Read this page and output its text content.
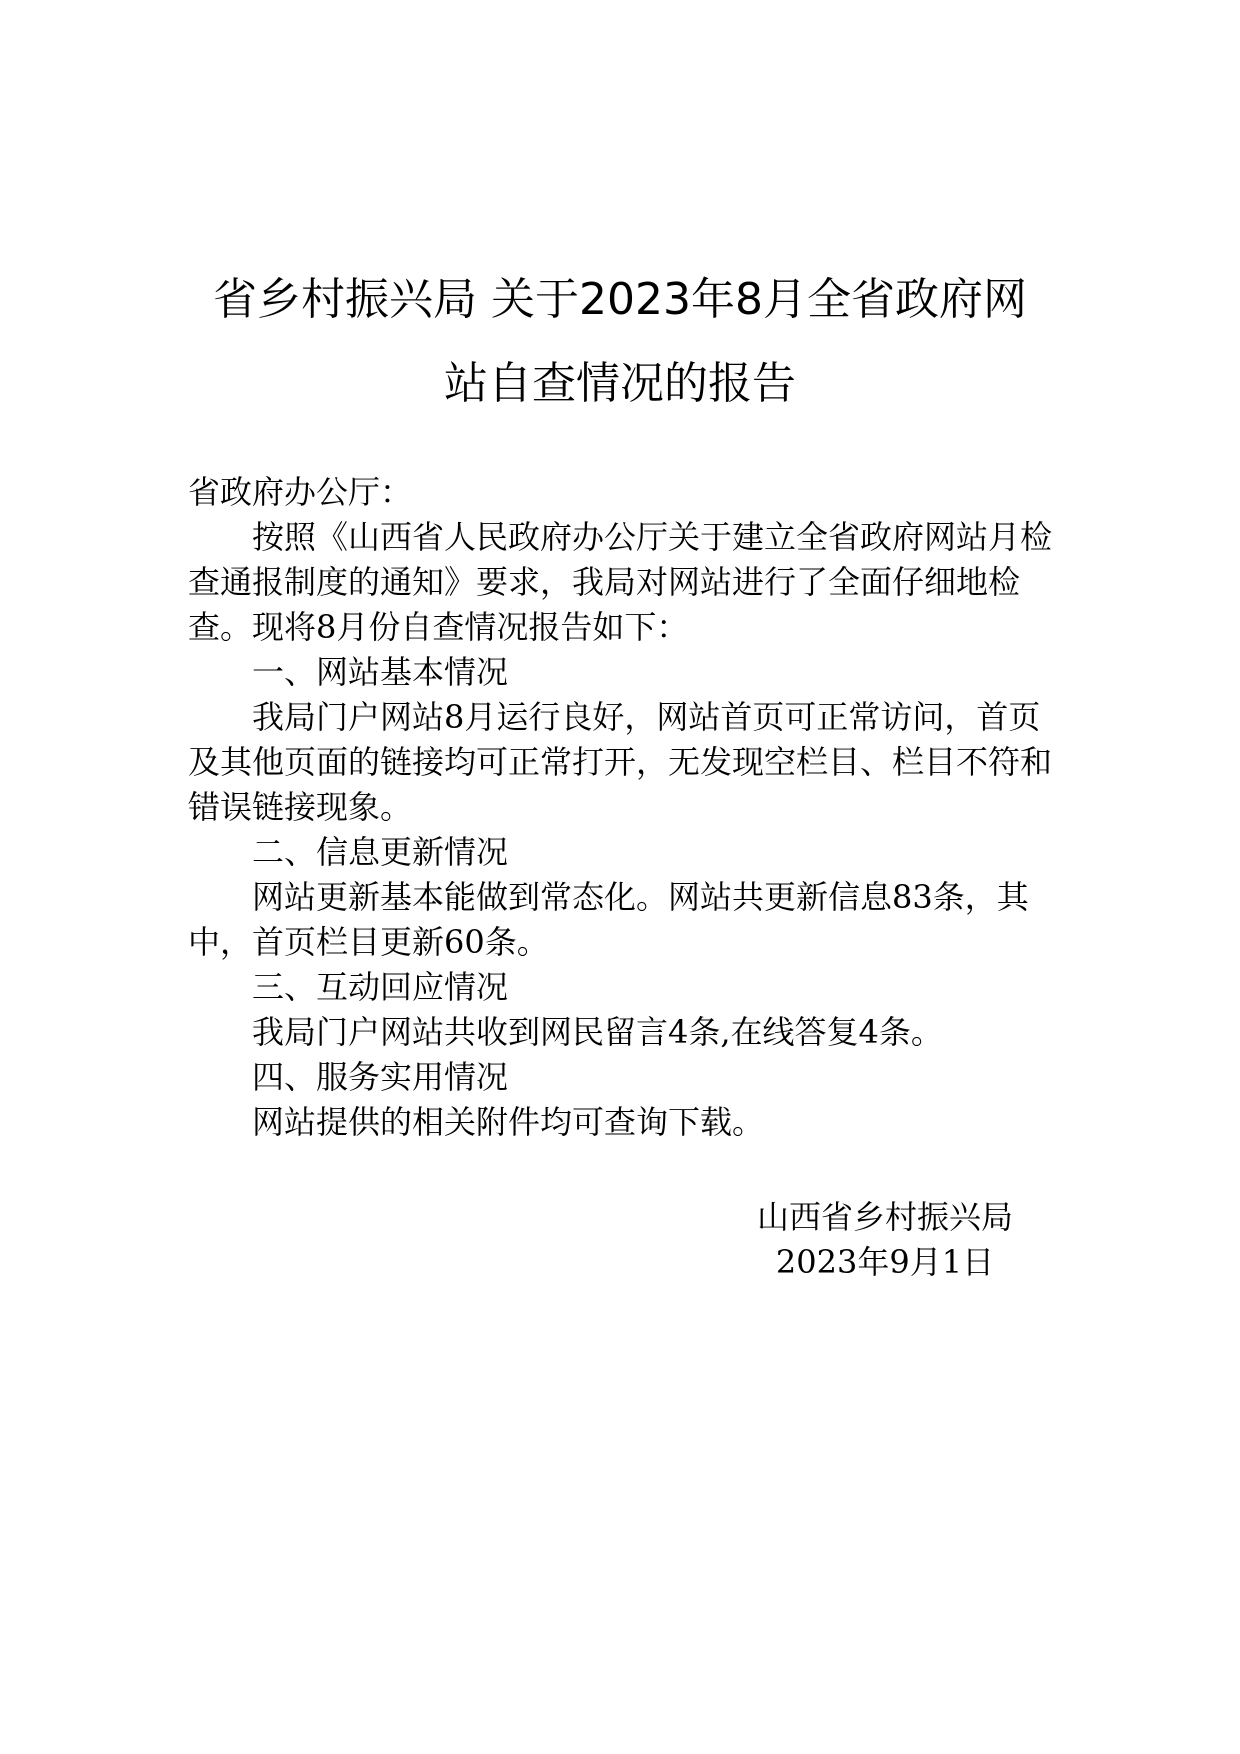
省乡村振兴局 关于2023年8月全省政府网
站自查情况的报告

省政府办公厅：

按照《山西省人民政府办公厅关于建立全省政府网站月检查通报制度的通知》要求，我局对网站进行了全面仔细地检查。现将8月份自查情况报告如下：

一、网站基本情况

我局门户网站8月运行良好，网站首页可正常访问，首页及其他页面的链接均可正常打开，无发现空栏目、栏目不符和错误链接现象。

二、信息更新情况

网站更新基本能做到常态化。网站共更新信息83条，其中，首页栏目更新60条。

三、互动回应情况

我局门户网站共收到网民留言4条,在线答复4条。

四、服务实用情况

网站提供的相关附件均可查询下载。

山西省乡村振兴局
2023年9月1日
